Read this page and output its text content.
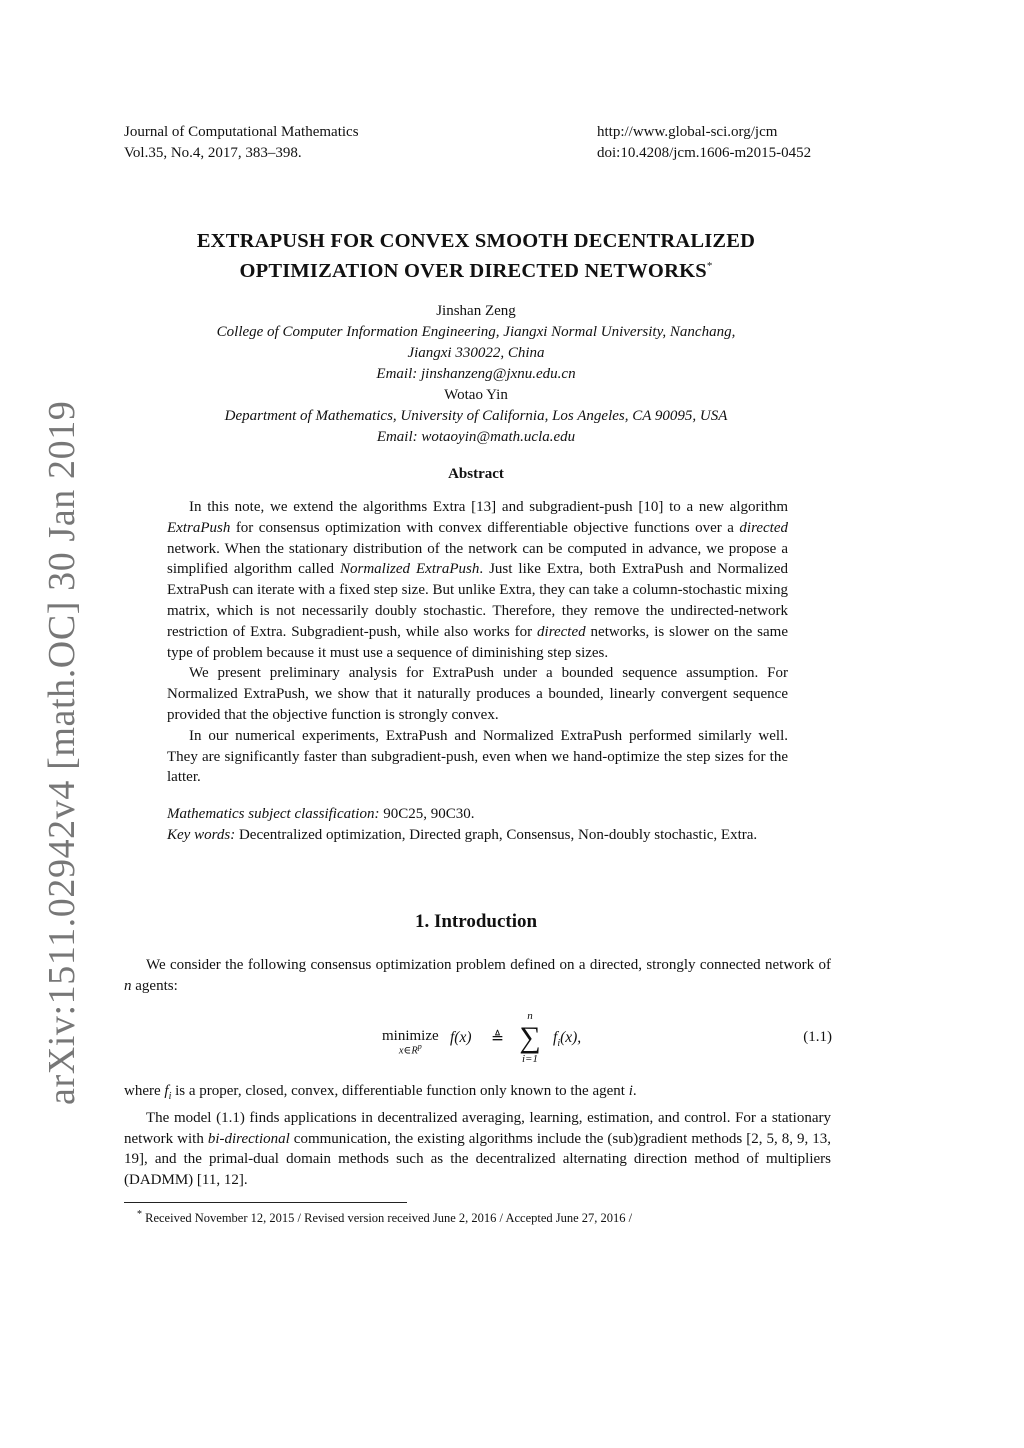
Journal of Computational Mathematics
Vol.35, No.4, 2017, 383–398.
http://www.global-sci.org/jcm
doi:10.4208/jcm.1606-m2015-0452
arXiv:1511.02942v4 [math.OC] 30 Jan 2019
EXTRAPUSH FOR CONVEX SMOOTH DECENTRALIZED
OPTIMIZATION OVER DIRECTED NETWORKS*
Jinshan Zeng
College of Computer Information Engineering, Jiangxi Normal University, Nanchang,
Jiangxi 330022, China
Email: jinshanzeng@jxnu.edu.cn
Wotao Yin
Department of Mathematics, University of California, Los Angeles, CA 90095, USA
Email: wotaoyin@math.ucla.edu
Abstract

In this note, we extend the algorithms Extra [13] and subgradient-push [10] to a new algorithm ExtraPush for consensus optimization with convex differentiable objective functions over a directed network. When the stationary distribution of the network can be computed in advance, we propose a simplified algorithm called Normalized ExtraPush. Just like Extra, both ExtraPush and Normalized ExtraPush can iterate with a fixed step size. But unlike Extra, they can take a column-stochastic mixing matrix, which is not necessarily doubly stochastic. Therefore, they remove the undirected-network restriction of Extra. Subgradient-push, while also works for directed networks, is slower on the same type of problem because it must use a sequence of diminishing step sizes.

We present preliminary analysis for ExtraPush under a bounded sequence assumption. For Normalized ExtraPush, we show that it naturally produces a bounded, linearly convergent sequence provided that the objective function is strongly convex.

In our numerical experiments, ExtraPush and Normalized ExtraPush performed similarly well. They are significantly faster than subgradient-push, even when we hand-optimize the step sizes for the latter.

Mathematics subject classification: 90C25, 90C30.

Key words: Decentralized optimization, Directed graph, Consensus, Non-doubly stochastic, Extra.

1. Introduction

We consider the following consensus optimization problem defined on a directed, strongly connected network of n agents:

minimize
$x\in R^p$
f(x) ≜
n
∑
i=1
$f_i(x)$,	(1.1)

where $f_i$ is a proper, closed, convex, differentiable function only known to the agent i.

The model (1.1) finds applications in decentralized averaging, learning, estimation, and control. For a stationary network with bi-directional communication, the existing algorithms include the (sub)gradient methods [2, 5, 8, 9, 13, 19], and the primal-dual domain methods such as the decentralized alternating direction method of multipliers (DADMM) [11, 12].

* Received November 12, 2015 / Revised version received June 2, 2016 / Accepted June 27, 2016 /
